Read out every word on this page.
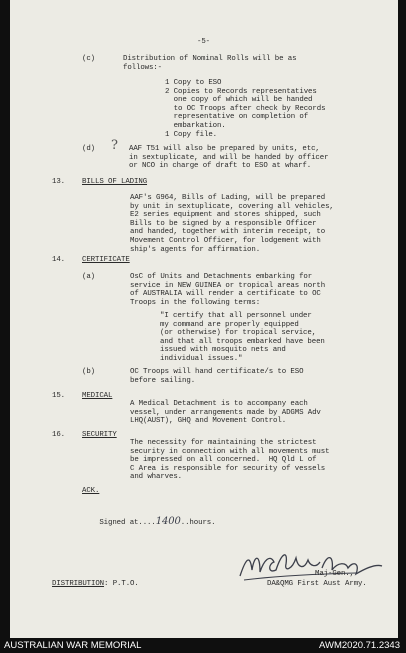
-5-
(c)	Distribution of Nominal Rolls will be as
follows:-
1 Copy to ESO
2 Copies to Records representatives
one copy of which will be handed
to OC Troops after check by Records
representative on completion of
embarkation.
1 Copy file.
(d) ? AAF T51 will also be prepared by units, etc,
in sextuplicate, and will be handed by officer
or NCO in charge of draft to ESO at wharf.
13. BILLS OF LADING
AAF's G964, Bills of Lading, will be prepared
by unit in sextuplicate, covering all vehicles,
E2 series equipment and stores shipped, such
Bills to be signed by a responsible Officer
and handed, together with interim receipt, to
Movement Control Officer, for lodgement with
ship's agents for affirmation.
14. CERTIFICATE
(a)	OsC of Units and Detachments embarking for
service in NEW GUINEA or tropical areas north
of AUSTRALIA will render a certificate to OC
Troops in the following terms:
"I certify that all personnel under
my command are properly equipped
(or otherwise) for tropical service,
and that all troops embarked have been
issued with mosquito nets and
individual issues."
(b)	OC Troops will hand certificate/s to ESO
before sailing.
15. MEDICAL
A Medical Detachment is to accompany each
vessel, under arrangements made by ADGMS Adv
LHQ(AUST), GHQ and Movement Control.
16. SECURITY
The necessity for maintaining the strictest
security in connection with all movements must
be impressed on all concerned.  HQ Qld L of
C Area is responsible for security of vessels
and wharves.
ACK.

Signed at....1400..hours.

Maj-Gen.,
DA&QMG First Aust Army.
DISTRIBUTION: P.T.O.
AUSTRALIAN WAR MEMORIAL	AWM2020.71.2343
